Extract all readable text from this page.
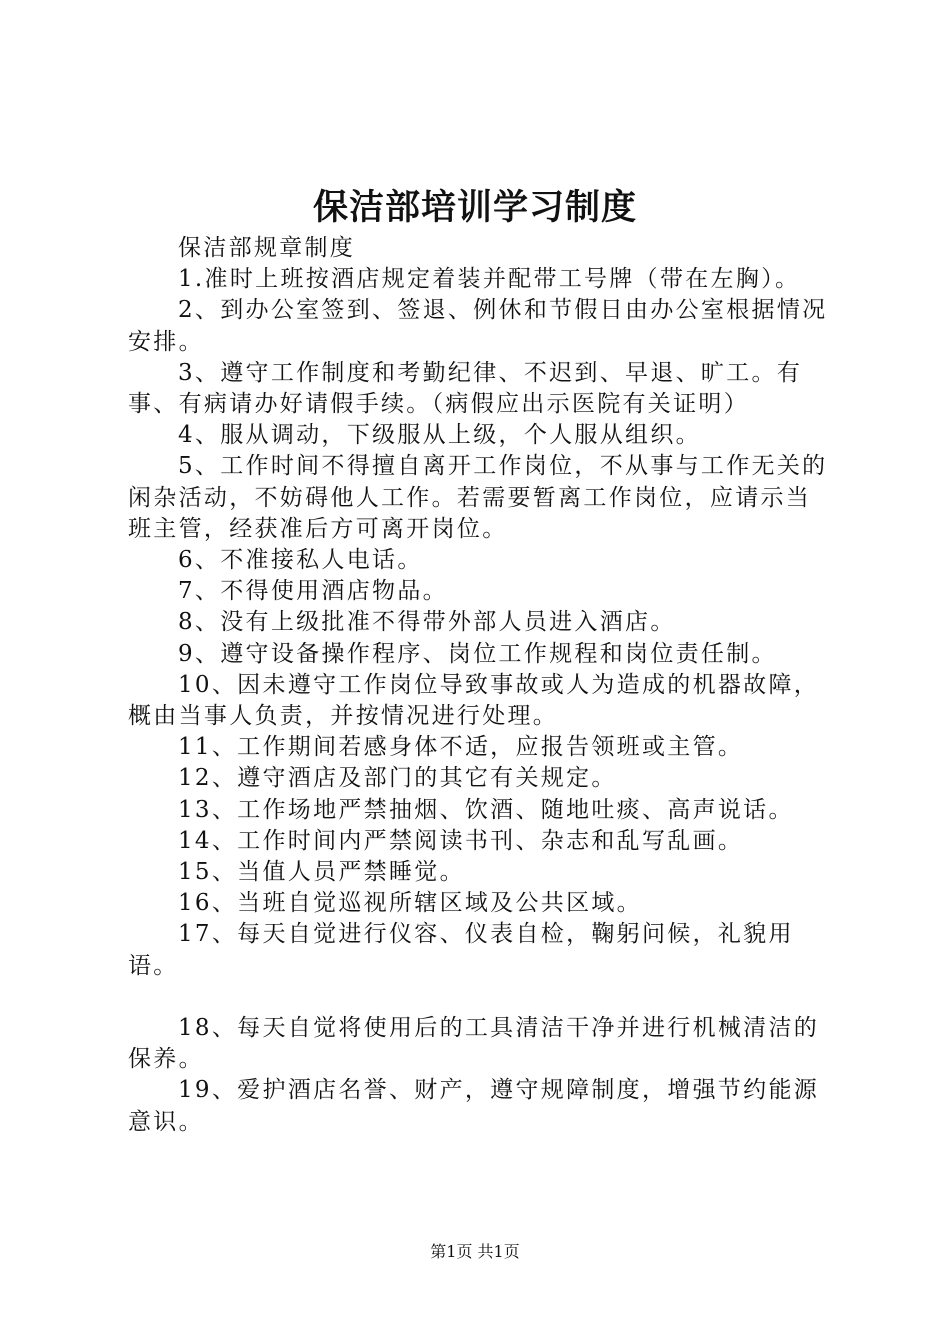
保洁部培训学习制度

保洁部规章制度

1.准时上班按酒店规定着装并配带工号牌（带在左胸）。

2、到办公室签到、签退、例休和节假日由办公室根据情况安排。

3、遵守工作制度和考勤纪律、不迟到、早退、旷工。有事、有病请办好请假手续。（病假应出示医院有关证明）

4、服从调动，下级服从上级，个人服从组织。

5、工作时间不得擅自离开工作岗位，不从事与工作无关的闲杂活动，不妨碍他人工作。若需要暂离工作岗位，应请示当班主管，经获准后方可离开岗位。

6、不准接私人电话。

7、不得使用酒店物品。

8、没有上级批准不得带外部人员进入酒店。

9、遵守设备操作程序、岗位工作规程和岗位责任制。

10、因未遵守工作岗位导致事故或人为造成的机器故障，概由当事人负责，并按情况进行处理。

11、工作期间若感身体不适，应报告领班或主管。

12、遵守酒店及部门的其它有关规定。

13、工作场地严禁抽烟、饮酒、随地吐痰、高声说话。

14、工作时间内严禁阅读书刊、杂志和乱写乱画。

15、当值人员严禁睡觉。

16、当班自觉巡视所辖区域及公共区域。

17、每天自觉进行仪容、仪表自检，鞠躬问候，礼貌用语。

18、每天自觉将使用后的工具清洁干净并进行机械清洁的保养。

19、爱护酒店名誉、财产，遵守规障制度，增强节约能源意识。

第1页 共1页
